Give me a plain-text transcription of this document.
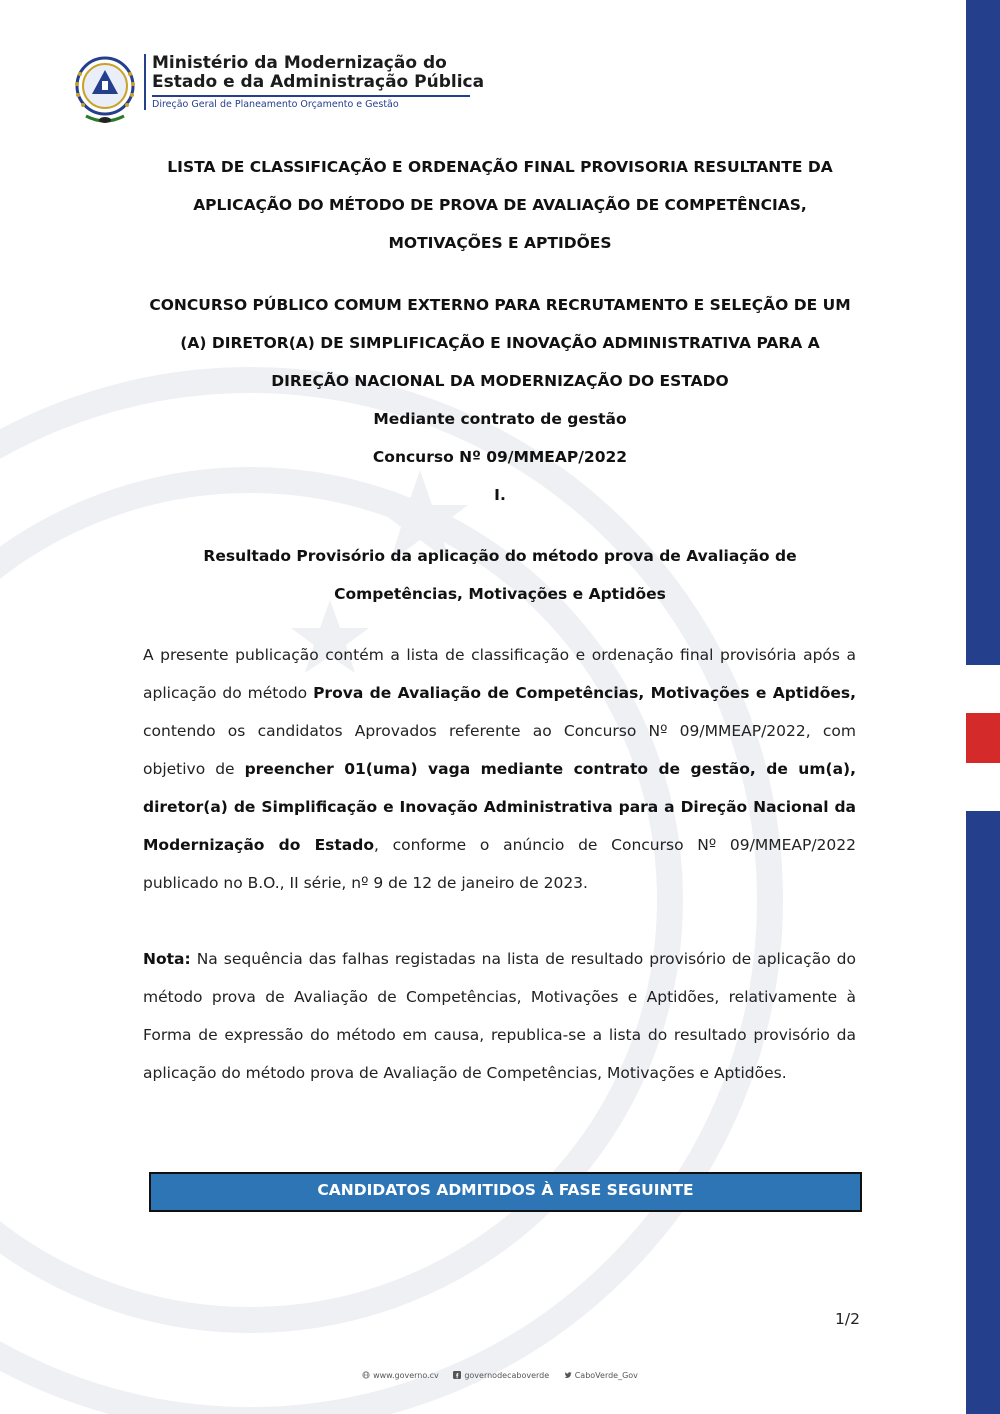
Ministério da Modernização do
Estado e da Administração Pública
Direção Geral de Planeamento Orçamento e Gestão
LISTA DE CLASSIFICAÇÃO E ORDENAÇÃO FINAL PROVISORIA RESULTANTE DA
APLICAÇÃO DO MÉTODO DE PROVA DE AVALIAÇÃO DE COMPETÊNCIAS,
MOTIVAÇÕES E APTIDÕES
CONCURSO PÚBLICO COMUM EXTERNO PARA RECRUTAMENTO E SELEÇÃO DE UM
(A) DIRETOR(A) DE SIMPLIFICAÇÃO E INOVAÇÃO ADMINISTRATIVA PARA A
DIREÇÃO NACIONAL DA MODERNIZAÇÃO DO ESTADO
Mediante contrato de gestão
Concurso Nº 09/MMEAP/2022
I.
Resultado Provisório da aplicação do método prova de Avaliação de
Competências, Motivações e Aptidões
A presente publicação contém a lista de classificação e ordenação final provisória após a aplicação do método Prova de Avaliação de Competências, Motivações e Aptidões, contendo os candidatos Aprovados referente ao Concurso Nº 09/MMEAP/2022, com objetivo de preencher 01(uma) vaga mediante contrato de gestão, de um(a), diretor(a) de Simplificação e Inovação Administrativa para a Direção Nacional da Modernização do Estado, conforme o anúncio de Concurso Nº 09/MMEAP/2022 publicado no B.O., II série, nº 9 de 12 de janeiro de 2023.
Nota: Na sequência das falhas registadas na lista de resultado provisório de aplicação do método prova de Avaliação de Competências, Motivações e Aptidões, relativamente à Forma de expressão do método em causa, republica-se a lista do resultado provisório da aplicação do método prova de Avaliação de Competências, Motivações e Aptidões.
CANDIDATOS ADMITIDOS À FASE SEGUINTE
1/2
www.governo.cv	governodecaboverde	CaboVerde_Gov
